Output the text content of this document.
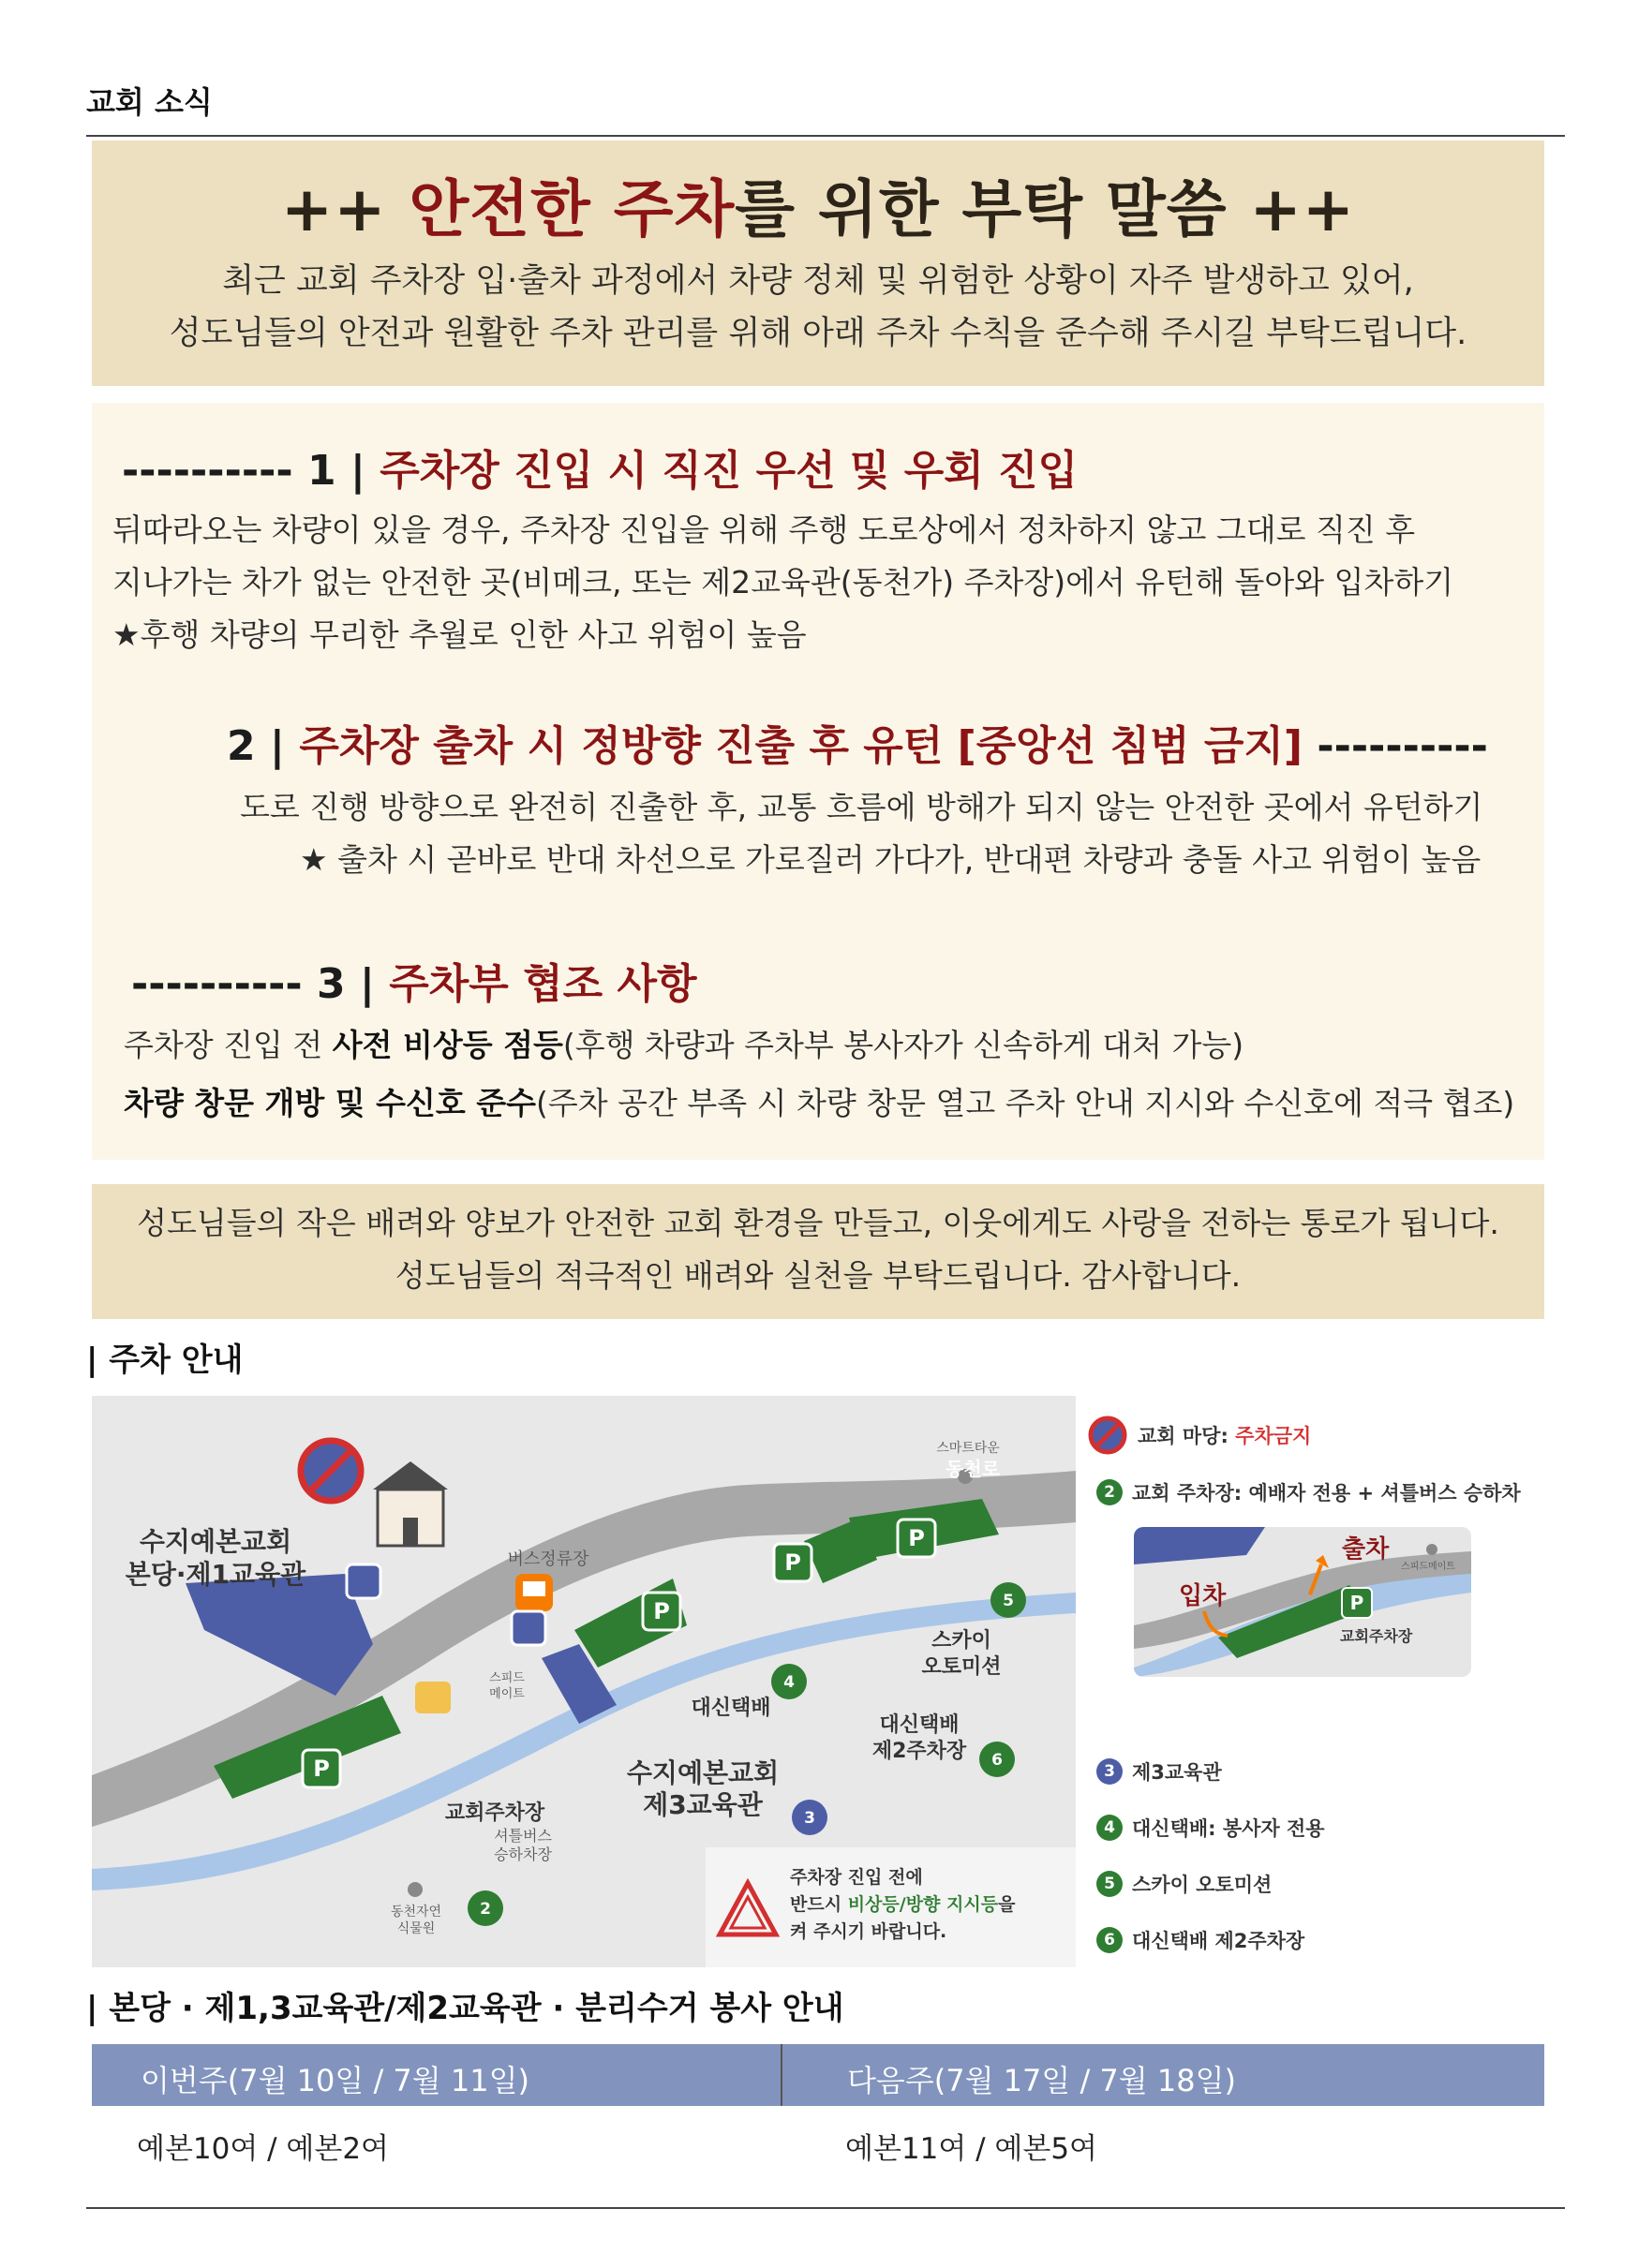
교회 소식
++ 안전한 주차를 위한 부탁 말씀 ++
최근 교회 주차장 입·출차 과정에서 차량 정체 및 위험한 상황이 자주 발생하고 있어,
성도님들의 안전과 원활한 주차 관리를 위해 아래 주차 수칙을 준수해 주시길 부탁드립니다.
---------- 1 | 주차장 진입 시 직진 우선 및 우회 진입
뒤따라오는 차량이 있을 경우, 주차장 진입을 위해 주행 도로상에서 정차하지 않고 그대로 직진 후
지나가는 차가 없는 안전한 곳(비메크, 또는 제2교육관(동천가) 주차장)에서 유턴해 돌아와 입차하기
★후행 차량의 무리한 추월로 인한 사고 위험이 높음
2 | 주차장 출차 시 정방향 진출 후 유턴 [중앙선 침범 금지] ----------
도로 진행 방향으로 완전히 진출한 후, 교통 흐름에 방해가 되지 않는 안전한 곳에서 유턴하기
★ 출차 시 곧바로 반대 차선으로 가로질러 가다가, 반대편 차량과 충돌 사고 위험이 높음
---------- 3 | 주차부 협조 사항
주차장 진입 전 사전 비상등 점등(후행 차량과 주차부 봉사자가 신속하게 대처 가능)
차량 창문 개방 및 수신호 준수(주차 공간 부족 시 차량 창문 열고 주차 안내 지시와 수신호에 적극 협조)
성도님들의 작은 배려와 양보가 안전한 교회 환경을 만들고, 이웃에게도 사랑을 전하는 통로가 됩니다.
성도님들의 적극적인 배려와 실천을 부탁드립니다. 감사합니다.
| 주차 안내
P
P
P
P
2
3
4
5
6
수지예본교회
본당·제1교육관
수지예본교회
제3교육관
동천로
대신택배
대신택배
제2주차장
스카이
오토미션
교회주차장
버스정류장
스마트타운
스피드
메이트
셔틀버스
승하차장
동천자연
식물원
주차장 진입 전에
반드시 비상등/방향 지시등을
켜 주시기 바랍니다.
교회 마당: 주차금지
2 교회 주차장: 예배자 전용 + 셔틀버스 승하차
P
출차
입차
스피드메이트
교회주차장
3 제3교육관
4 대신택배: 봉사자 전용
5 스카이 오토미션
6 대신택배 제2주차장
| 본당 · 제1,3교육관/제2교육관 · 분리수거 봉사 안내
이번주(7월 10일 / 7월 11일)	다음주(7월 17일 / 7월 18일)
예본10여 / 예본2여	예본11여 / 예본5여
